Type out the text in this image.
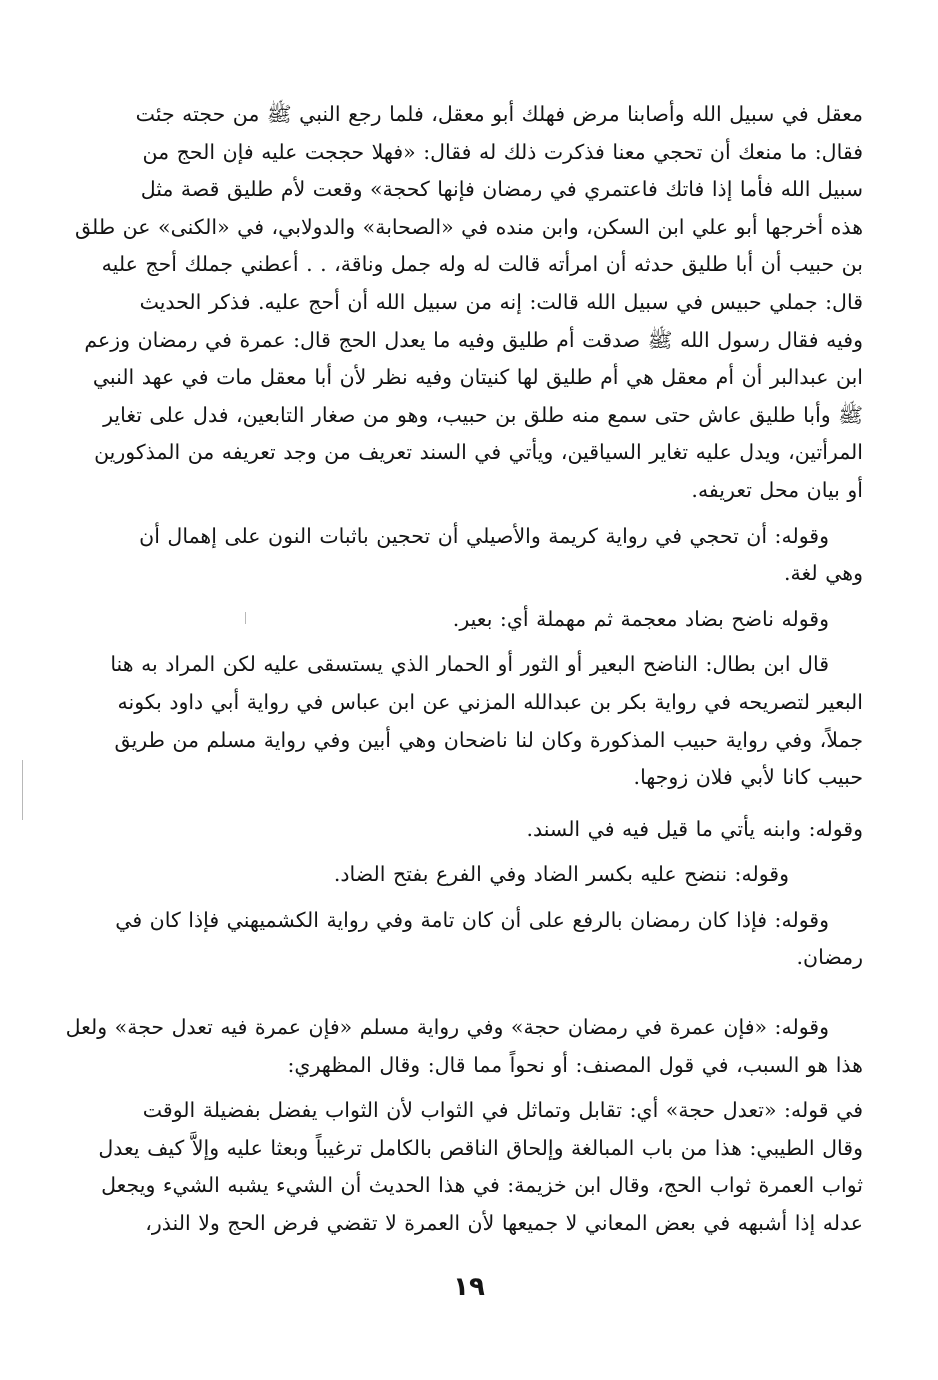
معقل في سبيل الله وأصابنا مرض فهلك أبو معقل، فلما رجع النبي ﷺ من حجته جئت
فقال: ما منعك أن تحجي معنا فذكرت ذلك له فقال: «فهلا حججت عليه فإن الحج من
سبيل الله فأما إذا فاتك فاعتمري في رمضان فإنها كحجة» وقعت لأم طليق قصة مثل
هذه أخرجها أبو علي ابن السكن، وابن منده في «الصحابة» والدولابي، في «الكنى» عن طلق
بن حبيب أن أبا طليق حدثه أن امرأته قالت له وله جمل وناقة، . . أعطني جملك أحج عليه
قال: جملي حبيس في سبيل الله قالت: إنه من سبيل الله أن أحج عليه. فذكر الحديث
وفيه فقال رسول الله ﷺ صدقت أم طليق وفيه ما يعدل الحج قال: عمرة في رمضان وزعم
ابن عبدالبر أن أم معقل هي أم طليق لها كنيتان وفيه نظر لأن أبا معقل مات في عهد النبي
ﷺ وأبا طليق عاش حتى سمع منه طلق بن حبيب، وهو من صغار التابعين، فدل على تغاير
المرأتين، ويدل عليه تغاير السياقين، ويأتي في السند تعريف من وجد تعريفه من المذكورين
أو بيان محل تعريفه.
وقوله: أن تحجي في رواية كريمة والأصيلي أن تحجين باثبات النون على إهمال أن
وهي لغة.
وقوله ناضح بضاد معجمة ثم مهملة أي: بعير.
قال ابن بطال: الناضح البعير أو الثور أو الحمار الذي يستسقى عليه لكن المراد به هنا
البعير لتصريحه في رواية بكر بن عبدالله المزني عن ابن عباس في رواية أبي داود بكونه
جملاً، وفي رواية حبيب المذكورة وكان لنا ناضحان وهي أبين وفي رواية مسلم من طريق
حبيب كانا لأبي فلان زوجها.
وقوله: وابنه يأتي ما قيل فيه في السند.
وقوله: ننضح عليه بكسر الضاد وفي الفرع بفتح الضاد.
وقوله: فإذا كان رمضان بالرفع على أن كان تامة وفي رواية الكشميهني فإذا كان في
رمضان.
وقوله: «فإن عمرة في رمضان حجة» وفي رواية مسلم «فإن عمرة فيه تعدل حجة» ولعل
هذا هو السبب، في قول المصنف: أو نحواً مما قال: وقال المظهري:
في قوله: «تعدل حجة» أي: تقابل وتماثل في الثواب لأن الثواب يفضل بفضيلة الوقت
وقال الطيبي: هذا من باب المبالغة وإلحاق الناقص بالكامل ترغيباً وبعثا عليه وإلاَّ كيف يعدل
ثواب العمرة ثواب الحج، وقال ابن خزيمة: في هذا الحديث أن الشيء يشبه الشيء ويجعل
عدله إذا أشبهه في بعض المعاني لا جميعها لأن العمرة لا تقضي فرض الحج ولا النذر،
١٩
